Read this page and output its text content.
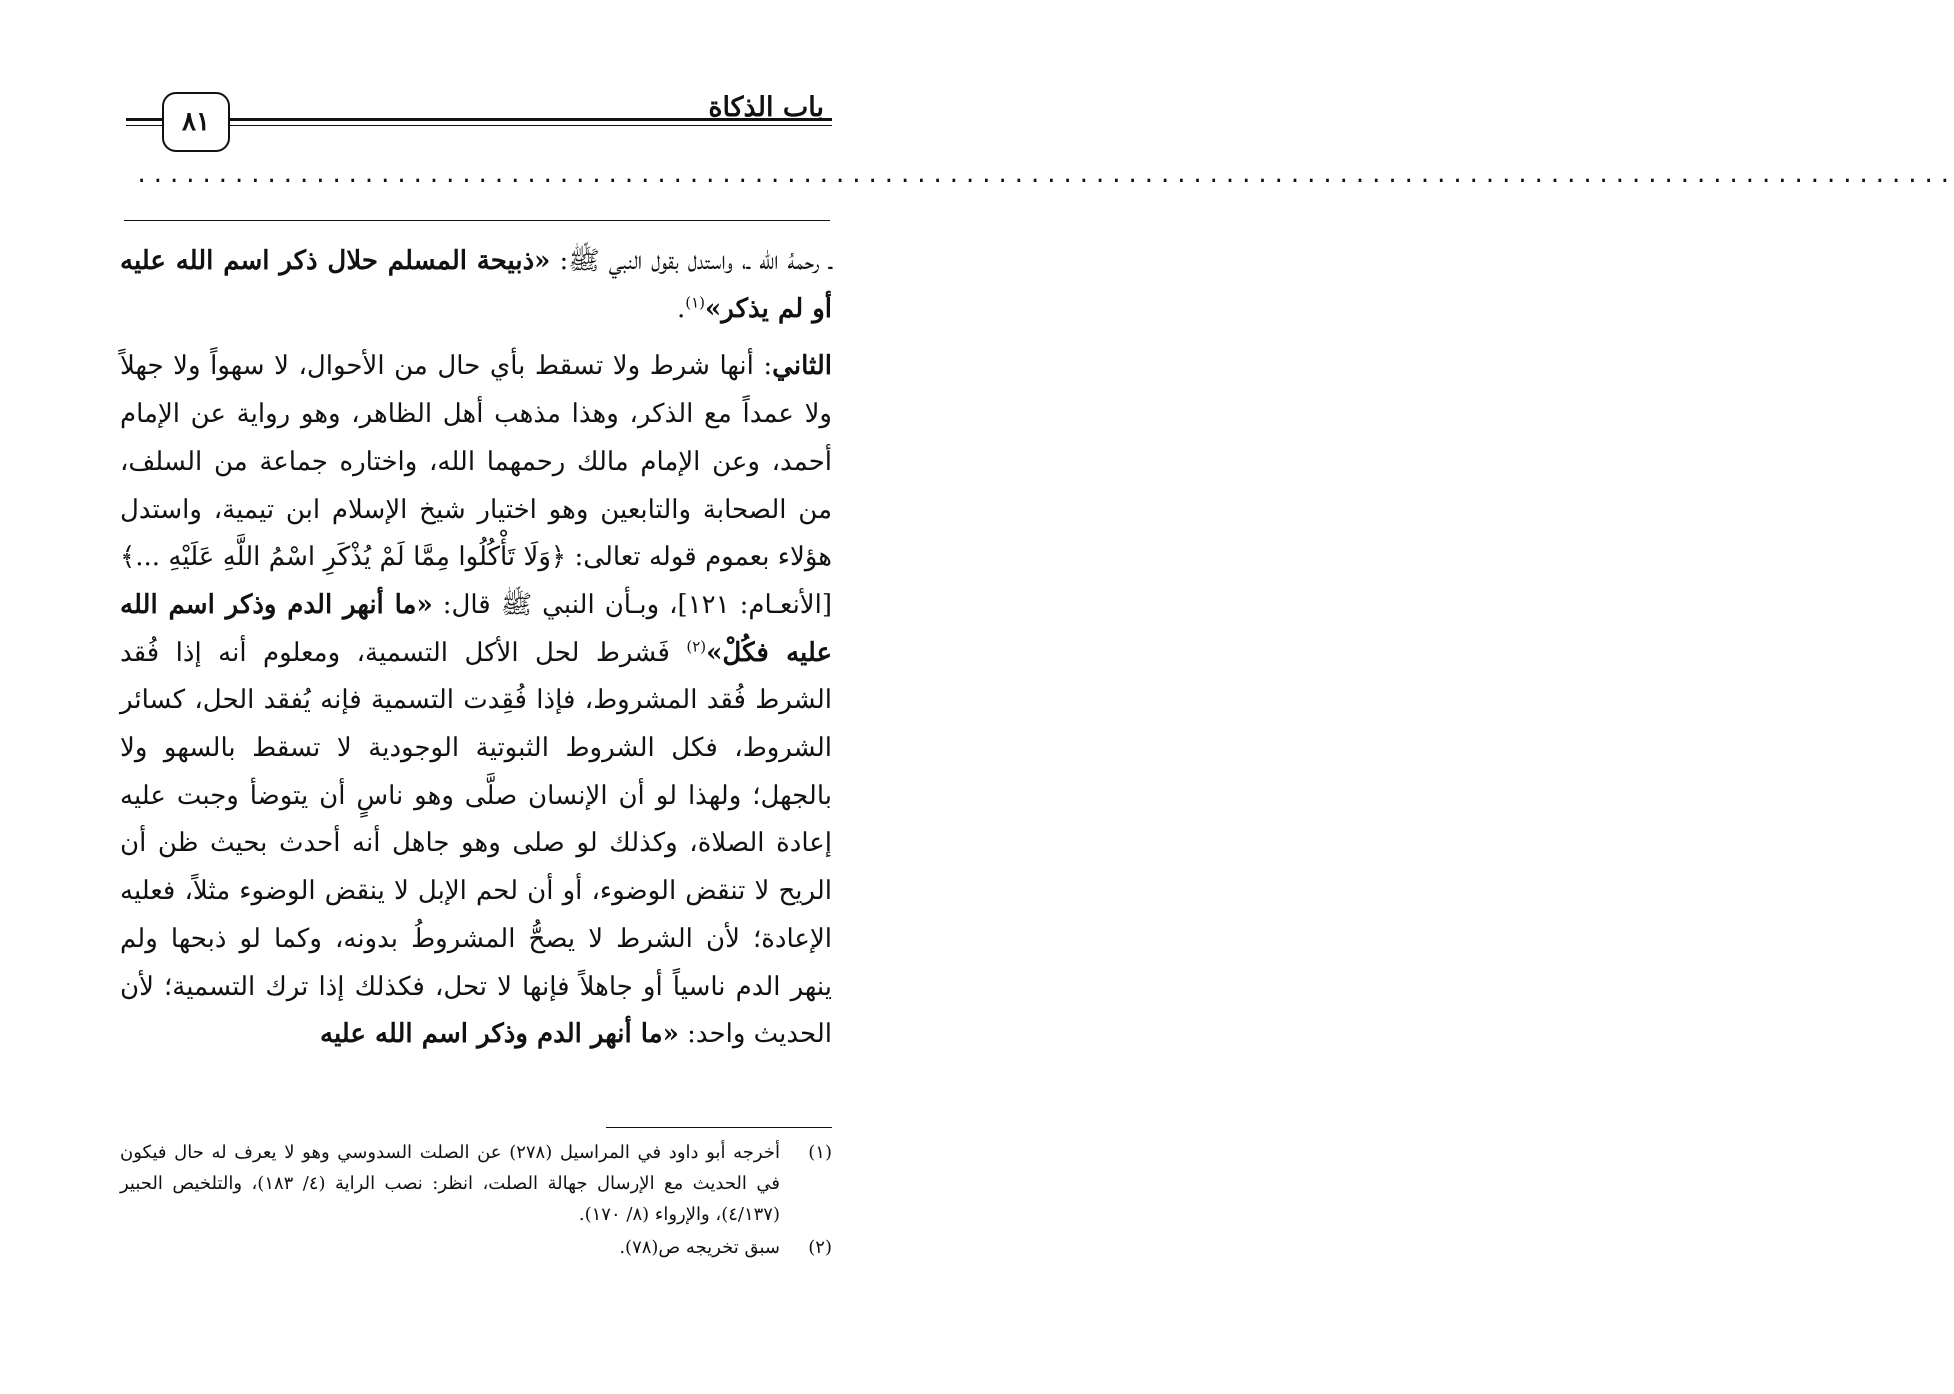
٨١	باب الذكاة
................................................................................................................

ـ رحمهُ الله ـ، واستدل بقول النبي ﷺ: «ذبيحة المسلم حلال ذكر اسم الله عليه أو لم يذكر»$^{(١)}$.

الثاني: أنها شرط ولا تسقط بأي حال من الأحوال، لا سهواً ولا جهلاً ولا عمداً مع الذكر، وهذا مذهب أهل الظاهر، وهو رواية عن الإمام أحمد، وعن الإمام مالك رحمهما الله، واختاره جماعة من السلف، من الصحابة والتابعين وهو اختيار شيخ الإسلام ابن تيمية، واستدل هؤلاء بعموم قوله تعالى: ﴿وَلَا تَأْكُلُوا مِمَّا لَمْ يُذْكَرِ اسْمُ اللَّهِ عَلَيْهِ ...﴾ [الأنعـام: ١٢١]، وبـأن النبي ﷺ قال: «ما أنهر الدم وذكر اسم الله عليه فكُلْ»$^{(٢)}$ فَشرط لحل الأكل التسمية، ومعلوم أنه إذا فُقد الشرط فُقد المشروط، فإذا فُقِدت التسمية فإنه يُفقد الحل، كسائر الشروط، فكل الشروط الثبوتية الوجودية لا تسقط بالسهو ولا بالجهل؛ ولهذا لو أن الإنسان صلَّى وهو ناسٍ أن يتوضأ وجبت عليه إعادة الصلاة، وكذلك لو صلى وهو جاهل أنه أحدث بحيث ظن أن الريح لا تنقض الوضوء، أو أن لحم الإبل لا ينقض الوضوء مثلاً، فعليه الإعادة؛ لأن الشرط لا يصحُّ المشروطُ بدونه، وكما لو ذبحها ولم ينهر الدم ناسياً أو جاهلاً فإنها لا تحل، فكذلك إذا ترك التسمية؛ لأن الحديث واحد: «ما أنهر الدم وذكر اسم الله عليه

(١)
أخرجه أبو داود في المراسيل (٢٧٨) عن الصلت السدوسي وهو لا يعرف له حال فيكون في الحديث مع الإرسال جهالة الصلت، انظر: نصب الراية (٤/ ١٨٣)، والتلخيص الحبير (٤/١٣٧)، والإرواء (٨/ ١٧٠).
(٢)
سبق تخريجه ص(٧٨).
